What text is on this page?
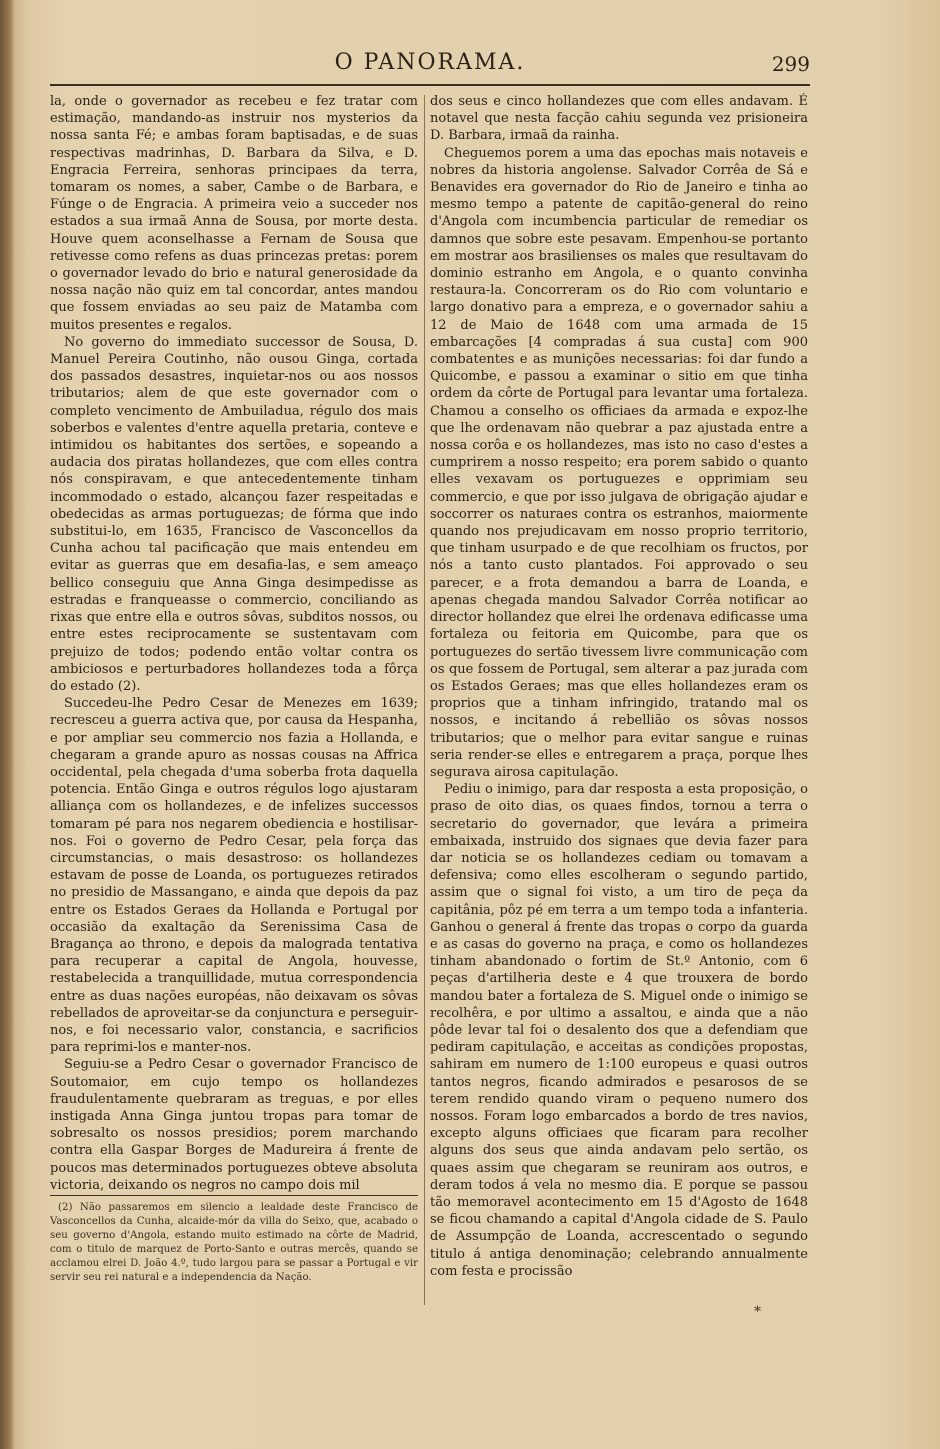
O PANORAMA.	299

la, onde o governador as recebeu e fez tratar com estimação, mandando-as instruir nos mysterios da nossa santa Fé; e ambas foram baptisadas, e de suas respectivas madrinhas, D. Barbara da Silva, e D. Engracia Ferreira, senhoras principaes da terra, tomaram os nomes, a saber, Cambe o de Barbara, e Fúnge o de Engracia. A primeira veio a succeder nos estados a sua irmaã Anna de Sousa, por morte desta. Houve quem aconselhasse a Fernam de Sousa que retivesse como refens as duas princezas pretas: porem o governador levado do brio e natural generosidade da nossa nação não quiz em tal concordar, antes mandou que fossem enviadas ao seu paiz de Matamba com muitos presentes e regalos.

No governo do immediato successor de Sousa, D. Manuel Pereira Coutinho, não ousou Ginga, cortada dos passados desastres, inquietar-nos ou aos nossos tributarios; alem de que este governador com o completo vencimento de Ambuiladua, régulo dos mais soberbos e valentes d'entre aquella pretaria, conteve e intimidou os habitantes dos sertões, e sopeando a audacia dos piratas hollandezes, que com elles contra nós conspiravam, e que antecedentemente tinham incommodado o estado, alcançou fazer respeitadas e obedecidas as armas portuguezas; de fórma que indo substitui-lo, em 1635, Francisco de Vasconcellos da Cunha achou tal pacificação que mais entendeu em evitar as guerras que em desafia-las, e sem ameaço bellico conseguiu que Anna Ginga desimpedisse as estradas e franqueasse o commercio, conciliando as rixas que entre ella e outros sôvas, subditos nossos, ou entre estes reciprocamente se sustentavam com prejuizo de todos; podendo então voltar contra os ambiciosos e perturbadores hollandezes toda a fôrça do estado (2).

Succedeu-lhe Pedro Cesar de Menezes em 1639; recresceu a guerra activa que, por causa da Hespanha, e por ampliar seu commercio nos fazia a Hollanda, e chegaram a grande apuro as nossas cousas na Affrica occidental, pela chegada d'uma soberba frota daquella potencia. Então Ginga e outros régulos logo ajustaram alliança com os hollandezes, e de infelizes successos tomaram pé para nos negarem obediencia e hostilisar-nos. Foi o governo de Pedro Cesar, pela força das circumstancias, o mais desastroso: os hollandezes estavam de posse de Loanda, os portuguezes retirados no presidio de Massangano, e ainda que depois da paz entre os Estados Geraes da Hollanda e Portugal por occasião da exaltação da Serenissima Casa de Bragança ao throno, e depois da malograda tentativa para recuperar a capital de Angola, houvesse, restabelecida a tranquillidade, mutua correspondencia entre as duas nações européas, não deixavam os sôvas rebellados de aproveitar-se da conjunctura e perseguir-nos, e foi necessario valor, constancia, e sacrificios para reprimi-los e manter-nos.

Seguiu-se a Pedro Cesar o governador Francisco de Soutomaior, em cujo tempo os hollandezes fraudulentamente quebraram as treguas, e por elles instigada Anna Ginga juntou tropas para tomar de sobresalto os nossos presidios; porem marchando contra ella Gaspar Borges de Madureira á frente de poucos mas determinados portuguezes obteve absoluta victoria, deixando os negros no campo dois mil

dos seus e cinco hollandezes que com elles andavam. É notavel que nesta facção cahiu segunda vez prisioneira D. Barbara, irmaã da rainha.

Cheguemos porem a uma das epochas mais notaveis e nobres da historia angolense. Salvador Corrêa de Sá e Benavides era governador do Rio de Janeiro e tinha ao mesmo tempo a patente de capitão-general do reino d'Angola com incumbencia particular de remediar os damnos que sobre este pesavam. Empenhou-se portanto em mostrar aos brasilienses os males que resultavam do dominio estranho em Angola, e o quanto convinha restaura-la. Concorreram os do Rio com voluntario e largo donativo para a empreza, e o governador sahiu a 12 de Maio de 1648 com uma armada de 15 embarcações [4 compradas á sua custa] com 900 combatentes e as munições necessarias: foi dar fundo a Quicombe, e passou a examinar o sitio em que tinha ordem da côrte de Portugal para levantar uma fortaleza. Chamou a conselho os officiaes da armada e expoz-lhe que lhe ordenavam não quebrar a paz ajustada entre a nossa corôa e os hollandezes, mas isto no caso d'estes a cumprirem a nosso respeito; era porem sabido o quanto elles vexavam os portuguezes e opprimiam seu commercio, e que por isso julgava de obrigação ajudar e soccorrer os naturaes contra os estranhos, maiormente quando nos prejudicavam em nosso proprio territorio, que tinham usurpado e de que recolhiam os fructos, por nós a tanto custo plantados. Foi approvado o seu parecer, e a frota demandou a barra de Loanda, e apenas chegada mandou Salvador Corrêa notificar ao director hollandez que elrei lhe ordenava edificasse uma fortaleza ou feitoria em Quicombe, para que os portuguezes do sertão tivessem livre communicação com os que fossem de Portugal, sem alterar a paz jurada com os Estados Geraes; mas que elles hollandezes eram os proprios que a tinham infringido, tratando mal os nossos, e incitando á rebellião os sôvas nossos tributarios; que o melhor para evitar sangue e ruinas seria render-se elles e entregarem a praça, porque lhes segurava airosa capitulação.

Pediu o inimigo, para dar resposta a esta proposição, o praso de oito dias, os quaes findos, tornou a terra o secretario do governador, que levára a primeira embaixada, instruido dos signaes que devia fazer para dar noticia se os hollandezes cediam ou tomavam a defensiva; como elles escolheram o segundo partido, assim que o signal foi visto, a um tiro de peça da capitânia, pôz pé em terra a um tempo toda a infanteria. Ganhou o general á frente das tropas o corpo da guarda e as casas do governo na praça, e como os hollandezes tinham abandonado o fortim de St.º Antonio, com 6 peças d'artilheria deste e 4 que trouxera de bordo mandou bater a fortaleza de S. Miguel onde o inimigo se recolhêra, e por ultimo a assaltou, e ainda que a não pôde levar tal foi o desalento dos que a defendiam que pediram capitulação, e acceitas as condições propostas, sahiram em numero de 1:100 europeus e quasi outros tantos negros, ficando admirados e pesarosos de se terem rendido quando viram o pequeno numero dos nossos. Foram logo embarcados a bordo de tres navios, excepto alguns officiaes que ficaram para recolher alguns dos seus que ainda andavam pelo sertão, os quaes assim que chegaram se reuniram aos outros, e deram todos á vela no mesmo dia. E porque se passou tão memoravel acontecimento em 15 d'Agosto de 1648 se ficou chamando a capital d'Angola cidade de S. Paulo de Assumpção de Loanda, accrescentado o segundo titulo á antiga denominação; celebrando annualmente com festa e procissão

(2) Não passaremos em silencio a lealdade deste Francisco de Vasconcellos da Cunha, alcaide-mór da villa do Seixo, que, acabado o seu governo d'Angola, estando muito estimado na côrte de Madrid, com o titulo de marquez de Porto-Santo e outras mercês, quando se acclamou elrei D. João 4.º, tudo largou para se passar a Portugal e vir servir seu rei natural e a independencia da Nação.

*
